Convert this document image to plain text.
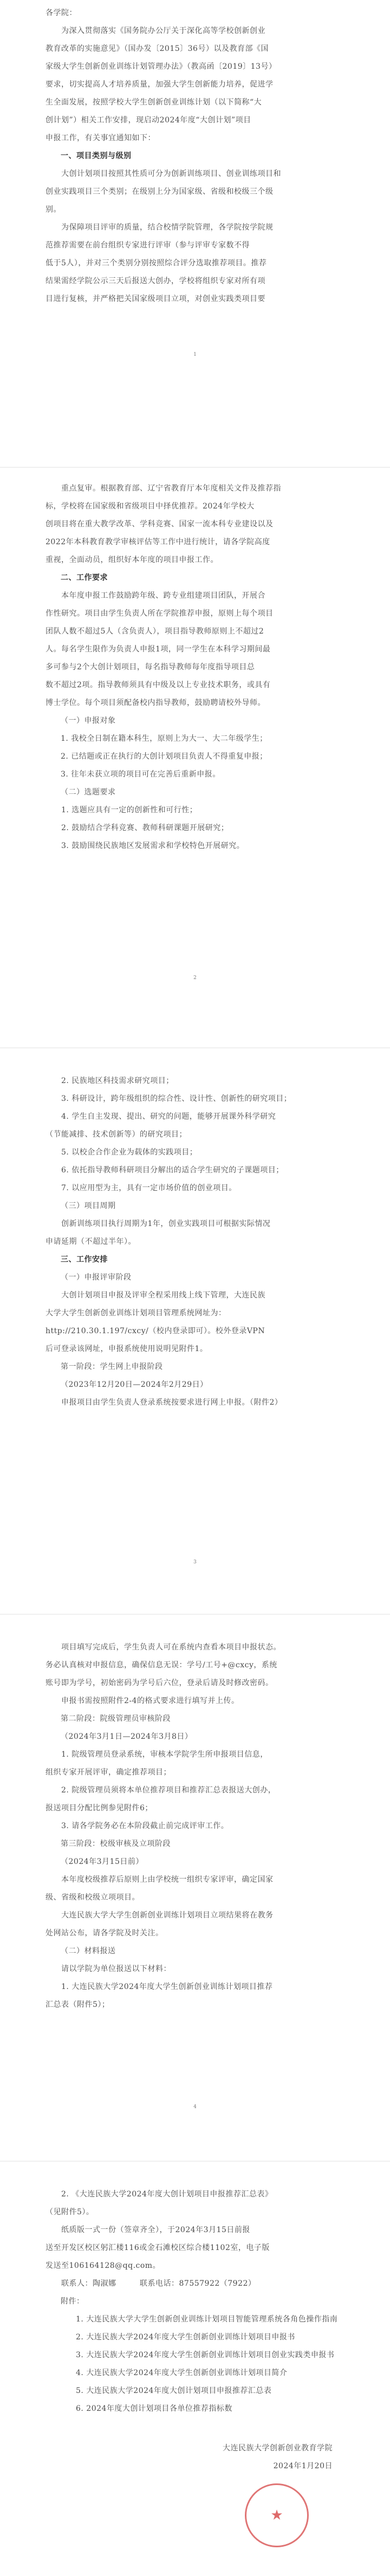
各学院：
　　为深入贯彻落实《国务院办公厅关于深化高等学校创新创业
教育改革的实施意见》（国办发〔2015〕36号）以及教育部《国
家级大学生创新创业训练计划管理办法》（教高函〔2019〕13号）
要求，切实提高人才培养质量，加强大学生创新能力培养，促进学
生全面发展，按照学校大学生创新创业训练计划（以下简称“大
创计划”）相关工作安排，现启动2024年度“大创计划”项目
申报工作，有关事宜通知如下：
一、项目类别与级别
　　大创计划项目按照其性质可分为创新训练项目、创业训练项目和
创业实践项目三个类别；在级别上分为国家级、省级和校级三个级
别。
　　为保障项目评审的质量，结合校情学院管理，各学院按学院规
范推荐需要在前台组织专家进行评审（参与评审专家数不得
低于5人），并对三个类别分别按照综合评分选取推荐项目。推荐
结果需经学院公示三天后报送大创办，学校将组织专家对所有项
目进行复核，并严格把关国家级项目立项，对创业实践类项目要
1
　　重点复审。根据教育部、辽宁省教育厅本年度相关文件及推荐指
标，学校将在国家级和省级项目中择优推荐。2024年学校大
创项目将在重大教学改革、学科竞赛、国家一流本科专业建设以及
2022年本科教育教学审核评估等工作中进行统计，请各学院高度
重视，全面动员，组织好本年度的项目申报工作。
二、工作要求
　　本年度申报工作鼓励跨年级、跨专业组建项目团队，开展合
作性研究。项目由学生负责人所在学院推荐申报，原则上每个项目
团队人数不超过5人（含负责人），项目指导教师原则上不超过2
人。每名学生限作为负责人申报1项，同一学生在本科学习期间最
多可参与2个大创计划项目，每名指导教师每年度指导项目总
数不超过2项。指导教师须具有中级及以上专业技术职务，或具有
博士学位。每个项目须配备校内指导教师，鼓励聘请校外导师。
（一）申报对象
1. 我校全日制在籍本科生，原则上为大一、大二年级学生；
2. 已结题或正在执行的大创计划项目负责人不得重复申报；
3. 往年未获立项的项目可在完善后重新申报。
（二）选题要求
　　1. 选题应具有一定的创新性和可行性；
　　2. 鼓励结合学科竞赛、教师科研课题开展研究；
　　3. 鼓励围绕民族地区发展需求和学校特色开展研究。
2
　　2. 民族地区科技需求研究项目；
　　3. 科研设计，跨年级组织的综合性、设计性、创新性的研究项目；
　　4. 学生自主发现、提出、研究的问题，能够开展课外科学研究
（节能减排、技术创新等）的研究项目；
　　5. 以校企合作企业为载体的实践项目；
　　6. 依托指导教师科研项目分解出的适合学生研究的子课题项目；
　　7. 以应用型为主，具有一定市场价值的创业项目。
（三）项目周期
　　创新训练项目执行周期为1年，创业实践项目可根据实际情况
申请延期（不超过半年）。
三、工作安排
（一）申报评审阶段
　　大创计划项目申报及评审全程采用线上线下管理，大连民族
大学大学生创新创业训练计划项目管理系统网址为：
http://210.30.1.197/cxcy/（校内登录即可）。校外登录VPN
后可登录该网址，申报系统使用说明见附件1。
第一阶段：学生网上申报阶段
（2023年12月20日—2024年2月29日）
　　申报项目由学生负责人登录系统按要求进行网上申报。（附件2）
3
　　项目填写完成后，学生负责人可在系统内查看本项目申报状态。
务必认真核对申报信息，确保信息无误：学号/工号+@cxcy，系统
账号即为学号，初始密码为学号后六位，登录后请及时修改密码。
　　申报书需按照附件2-4的格式要求进行填写并上传。
第二阶段：院级管理员审核阶段
（2024年3月1日—2024年3月8日）
　　1. 院级管理员登录系统，审核本学院学生所申报项目信息，
组织专家开展评审，确定推荐项目；
　　2. 院级管理员须将本单位推荐项目和推荐汇总表报送大创办，
报送项目分配比例参见附件6；
　　3. 请各学院务必在本阶段截止前完成评审工作。
第三阶段：校级审核及立项阶段
（2024年3月15日前）
　　本年度校级推荐后原则上由学校统一组织专家评审，确定国家
级、省级和校级立项项目。
　　大连民族大学大学生创新创业训练计划项目立项结果将在教务
处网站公布，请各学院及时关注。
（二）材料报送
　　请以学院为单位报送以下材料：
　　1. 大连民族大学2024年度大学生创新创业训练计划项目推荐
汇总表（附件5）；
4
　　2. 《大连民族大学2024年度大创计划项目申报推荐汇总表》
（见附件5）。
　　纸质版一式一份（签章齐全），于2024年3月15日前报
送至开发区校区躬汇楼116或金石滩校区综合楼1102室，电子版
发送至106164128@qq.com。
　　联系人：陶淑娜　　　联系电话：87557922（7922）
附件：
1. 大连民族大学大学生创新创业训练计划项目智能管理系统各角色操作指南
2. 大连民族大学2024年度大学生创新创业训练计划项目申报书
3. 大连民族大学2024年度大学生创新创业训练计划项目创业实践类申报书
4. 大连民族大学2024年度大学生创新创业训练计划项目简介
5. 大连民族大学2024年度大创计划项目申报推荐汇总表
6. 2024年度大创计划项目各单位推荐指标数
大连民族大学创新创业教育学院
2024年1月20日
★
